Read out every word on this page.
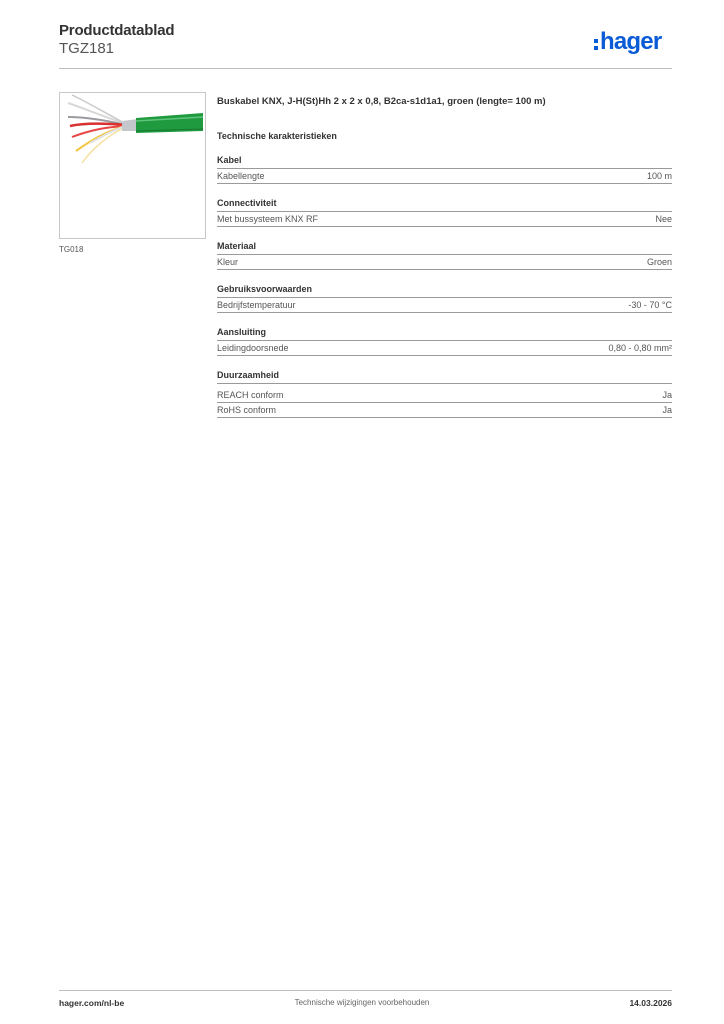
Productdatablad
TGZ181	hager
TG018
Buskabel KNX, J-H(St)Hh 2 x 2 x 0,8, B2ca-s1d1a1, groen (lengte= 100 m)
Technische karakteristieken
Kabel
Kabellengte	100 m
Connectiviteit
Met bussysteem KNX RF	Nee
Materiaal
Kleur	Groen
Gebruiksvoorwaarden
Bedrijfstemperatuur	-30 - 70 °C
Aansluiting
Leidingdoorsnede	0,80 - 0,80 mm²
Duurzaamheid
REACH conform	Ja
RoHS conform	Ja
hager.com/nl-be	Technische wijzigingen voorbehouden	14.03.2026
